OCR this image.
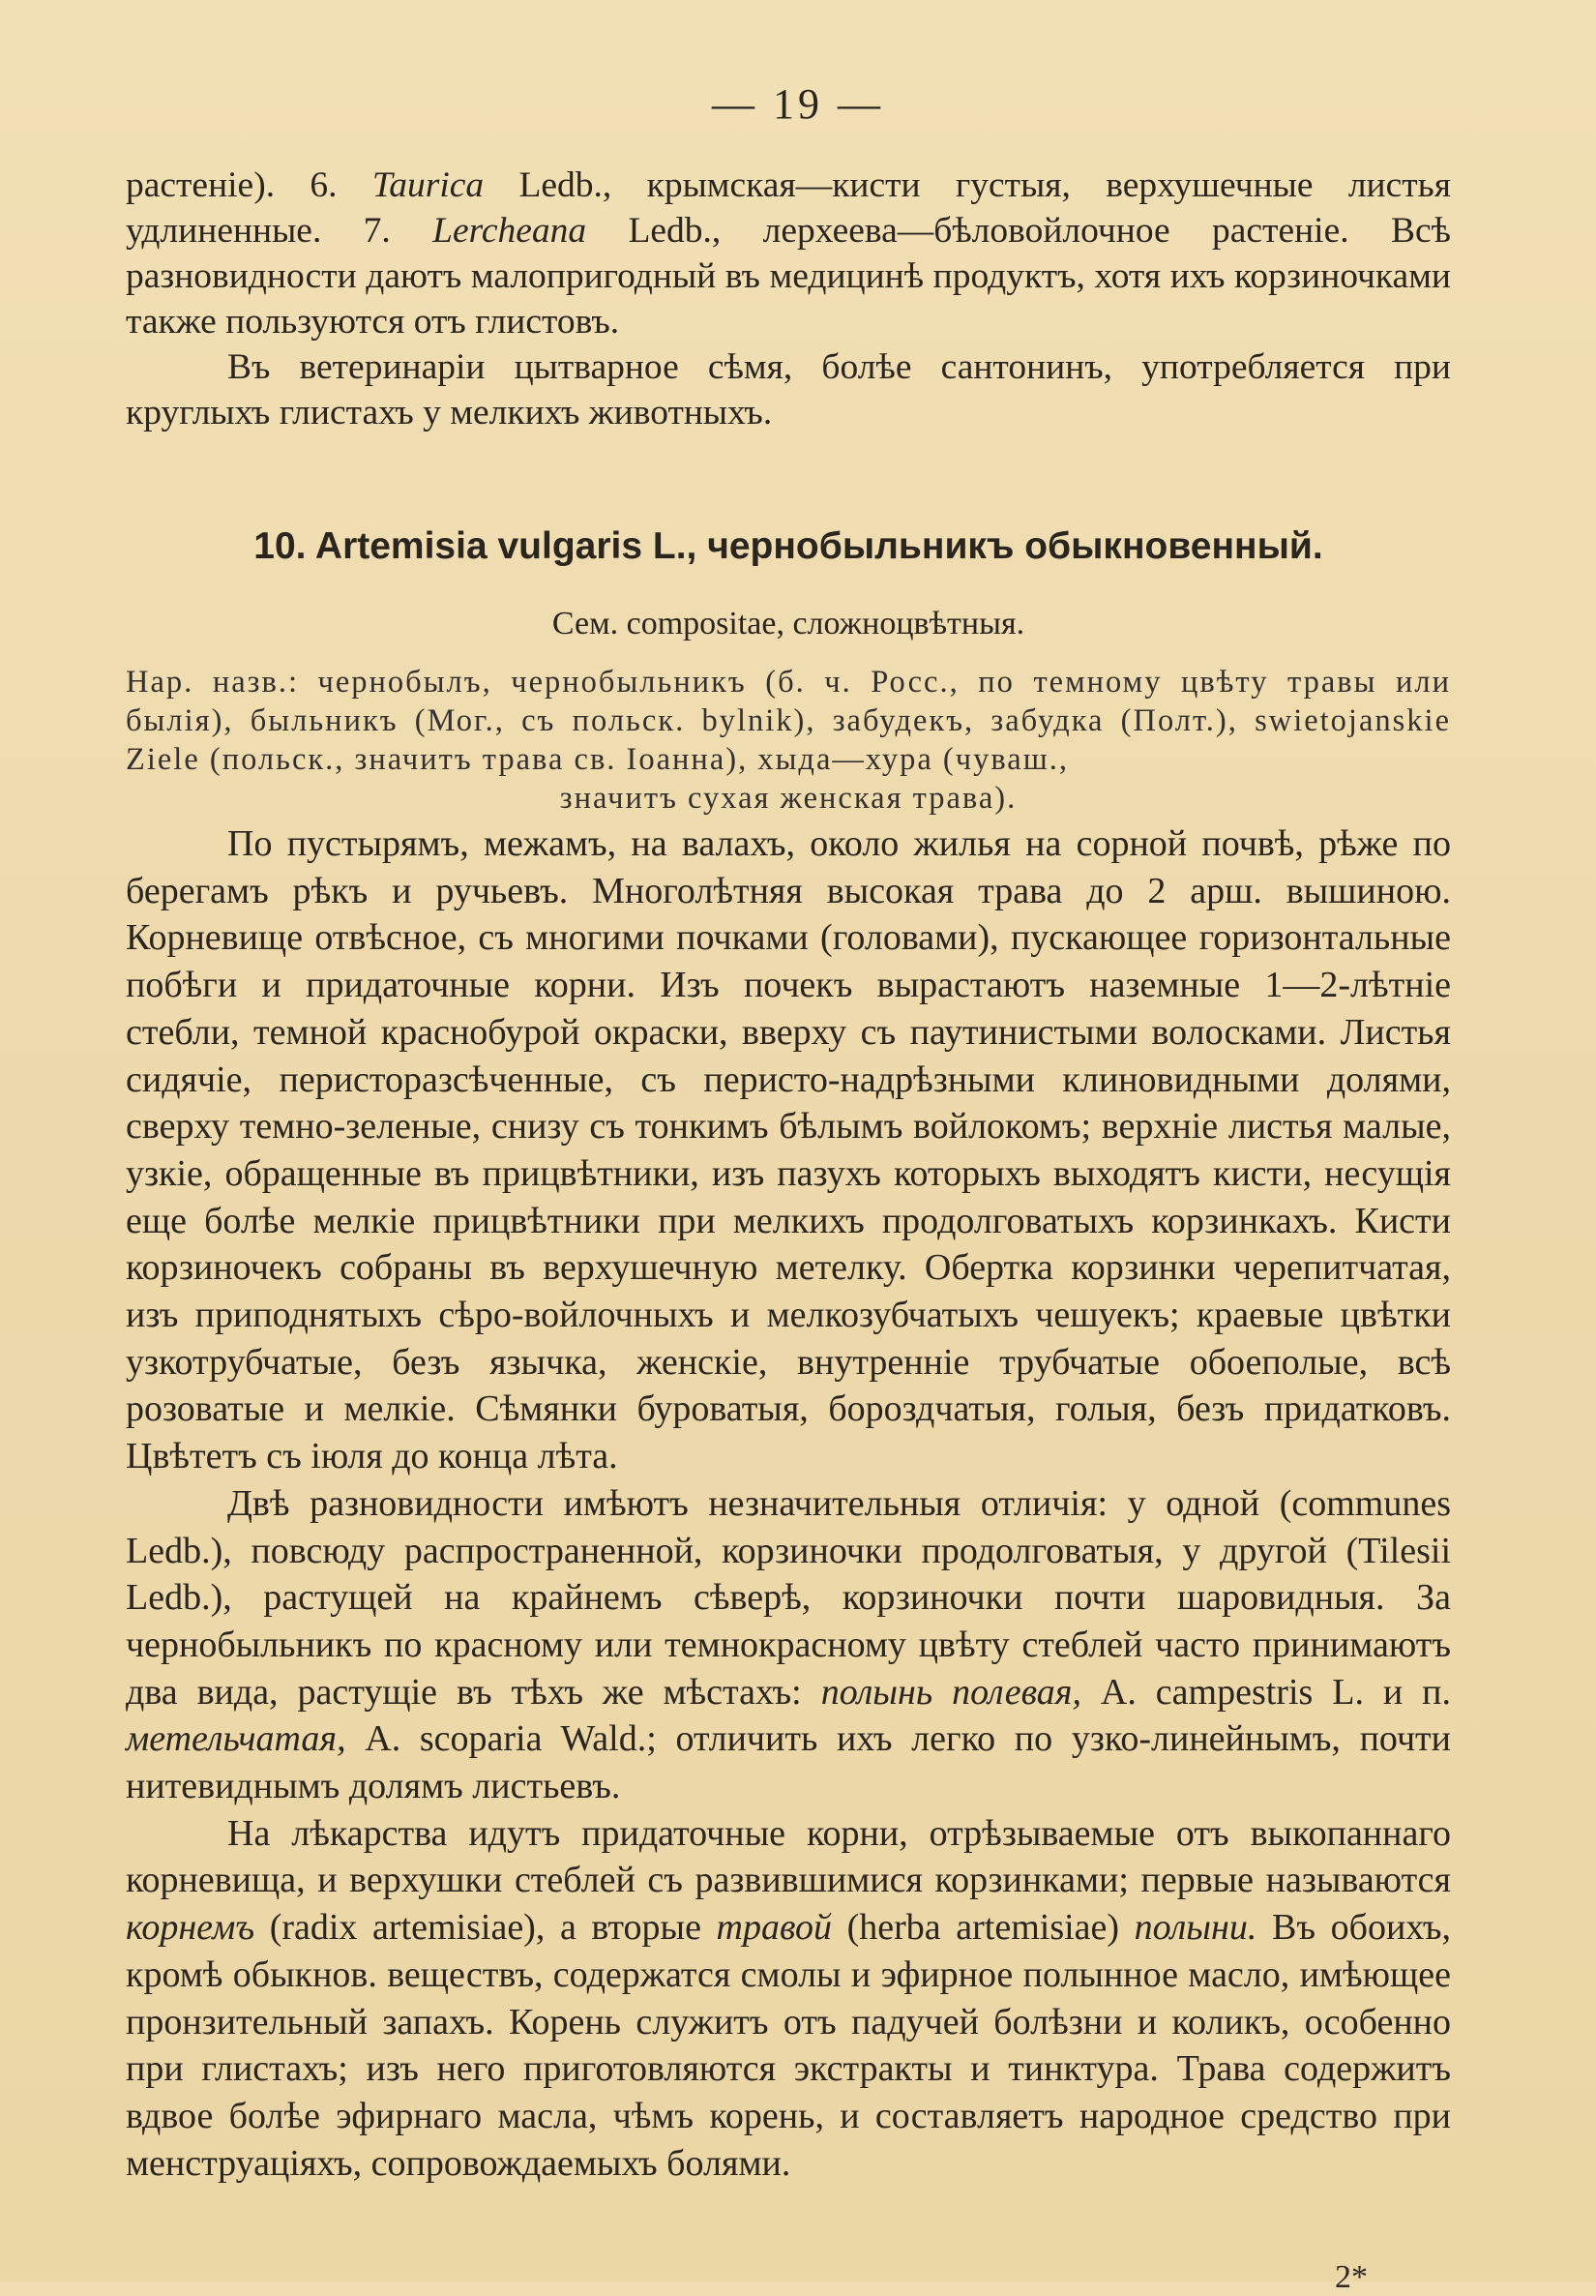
— 19 —

растеніе). 6. Taurica Ledb., крымская—кисти густыя, верхушечные листья удлиненные. 7. Lercheana Ledb., лерхеева—бѣловойлочное растеніе. Всѣ разновидности даютъ малопригодный въ медицинѣ продуктъ, хотя ихъ корзиночками также пользуются отъ глистовъ.

Въ ветеринаріи цытварное сѣмя, болѣе сантонинъ, употребляется при круглыхъ глистахъ у мелкихъ животныхъ.

10. Artemisia vulgaris L., чернобыльникъ обыкновенный.
Сем. compositae, сложноцвѣтныя.
Нар. назв.: чернобылъ, чернобыльникъ (б. ч. Росс., по темному цвѣту травы или былія), быльникъ (Мог., съ польск. bylnik), забудекъ, забудка (Полт.), swietojanskie Ziele (польск., значитъ трава св. Іоанна), хыда—хура (чуваш.,
значитъ сухая женская трава).

По пустырямъ, межамъ, на валахъ, около жилья на сорной почвѣ, рѣже по берегамъ рѣкъ и ручьевъ. Многолѣтняя высокая трава до 2 арш. вышиною. Корневище отвѣсное, съ многими почками (головами), пускающее горизонтальные побѣги и придаточные корни. Изъ почекъ вырастаютъ наземные 1—2-лѣтніе стебли, темной краснобурой окраски, вверху съ паутинистыми волосками. Листья сидячіе, перисторазсѣченные, съ перисто-надрѣзными клиновидными долями, сверху темно-зеленые, снизу съ тонкимъ бѣлымъ войлокомъ; верхніе листья малые, узкіе, обращенные въ прицвѣтники, изъ пазухъ которыхъ выходятъ кисти, несущія еще болѣе мелкіе прицвѣтники при мелкихъ продолговатыхъ корзинкахъ. Кисти корзиночекъ собраны въ верхушечную метелку. Обертка корзинки черепитчатая, изъ приподнятыхъ сѣро-войлочныхъ и мелкозубчатыхъ чешуекъ; краевые цвѣтки узкотрубчатые, безъ язычка, женскіе, внутренніе трубчатые обоеполые, всѣ розоватые и мелкіе. Сѣмянки буроватыя, бороздчатыя, голыя, безъ придатковъ. Цвѣтетъ съ іюля до конца лѣта.

Двѣ разновидности имѣютъ незначительныя отличія: у одной (communes Ledb.), повсюду распространенной, корзиночки продолговатыя, у другой (Tilesii Ledb.), растущей на крайнемъ сѣверѣ, корзиночки почти шаровидныя. За чернобыльникъ по красному или темнокрасному цвѣту стеблей часто принимаютъ два вида, растущіе въ тѣхъ же мѣстахъ: полынь полевая, A. campestris L. и п. метельчатая, A. scoparia Wald.; отличить ихъ легко по узко-линейнымъ, почти нитевиднымъ долямъ листьевъ.

На лѣкарства идутъ придаточные корни, отрѣзываемые отъ выкопаннаго корневища, и верхушки стеблей съ развившимися корзинками; первые называются корнемъ (radix artemisiae), а вторые травой (herba artemisiae) полыни. Въ обоихъ, кромѣ обыкнов. веществъ, содержатся смолы и эфирное полынное масло, имѣющее пронзительный запахъ. Корень служитъ отъ падучей болѣзни и коликъ, особенно при глистахъ; изъ него приготовляются экстракты и тинктура. Трава содержитъ вдвое болѣе эфирнаго масла, чѣмъ корень, и составляетъ народное средство при менструаціяхъ, сопровождаемыхъ болями.

2*
